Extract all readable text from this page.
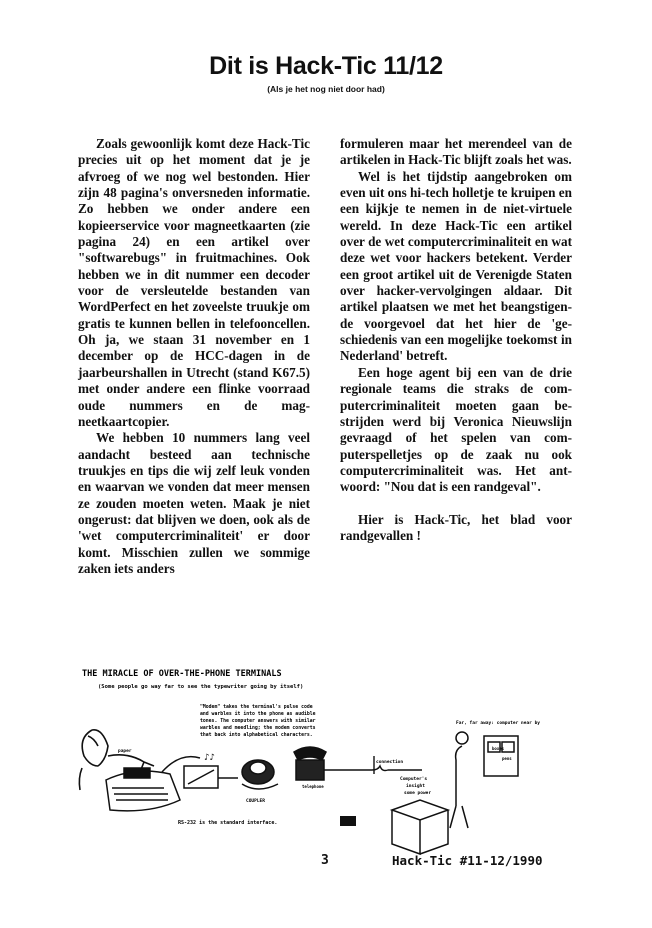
Dit is Hack-Tic 11/12
(Als je het nog niet door had)

Zoals gewoonlijk komt deze Hack-Tic precies uit op het moment dat je je afvroeg of we nog wel bestonden. Hier zijn 48 pagina's onversneden informatie. Zo hebben we onder andere een kopieerservice voor magneetkaarten (zie pagina 24) en een artikel over "softwarebugs" in fruitmachines. Ook hebben we in dit nummer een decoder voor de versleutelde bestanden van WordPerfect en het zoveelste truukje om gratis te kunnen bellen in telefooncellen. Oh ja, we staan 31 november en 1 december op de HCC-dagen in de jaarbeurshallen in Utrecht (stand K67.5) met onder andere een flinke voorraad oude nummers en de magneetkaartcopier.

We hebben 10 nummers lang veel aandacht besteed aan technische truukjes en tips die wij zelf leuk vonden en waarvan we vonden dat meer mensen ze zouden moeten weten. Maak je niet ongerust: dat blijven we doen, ook als de 'wet computercriminaliteit' er door komt. Misschien zullen we sommige zaken iets anders

formuleren maar het merendeel van de artikelen in Hack-Tic blijft zoals het was.

Wel is het tijdstip aangebroken om even uit ons hi-tech holletje te kruipen en een kijkje te nemen in de niet-virtuele wereld. In deze Hack-Tic een artikel over de wet computercriminaliteit en wat deze wet voor hackers betekent. Verder een groot artikel uit de Verenigde Staten over hacker-vervolgingen aldaar. Dit artikel plaatsen we met het beangstigende voorgevoel dat het hier de 'geschiedenis van een mogelijke toekomst in Nederland' betreft.

Een hoge agent bij een van de drie regionale teams die straks de computercriminaliteit moeten gaan bestrijden werd bij Veronica Nieuwslijn gevraagd of het spelen van computerspelletjes op de zaak nu ook computercriminaliteit was. Het antwoord: "Nou dat is een randgeval".

Hier is Hack-Tic, het blad voor randgevallen !

THE MIRACLE OF OVER-THE-PHONE TERMINALS
(Some people go way far to see the typewriter going by itself)
"Modem" takes the terminal's pulse code
and warbles it into the phone as audible
tones. The computer answers with similar
warbles and meedling; the modem converts
that back into alphabetical characters.
paper
♪♪
COUPLER
telephone
connection
boxes
pens
Computer's
insight
some power
Far, far away: computer near by
RS-232 is the standard interface.
3	Hack-Tic #11-12/1990
